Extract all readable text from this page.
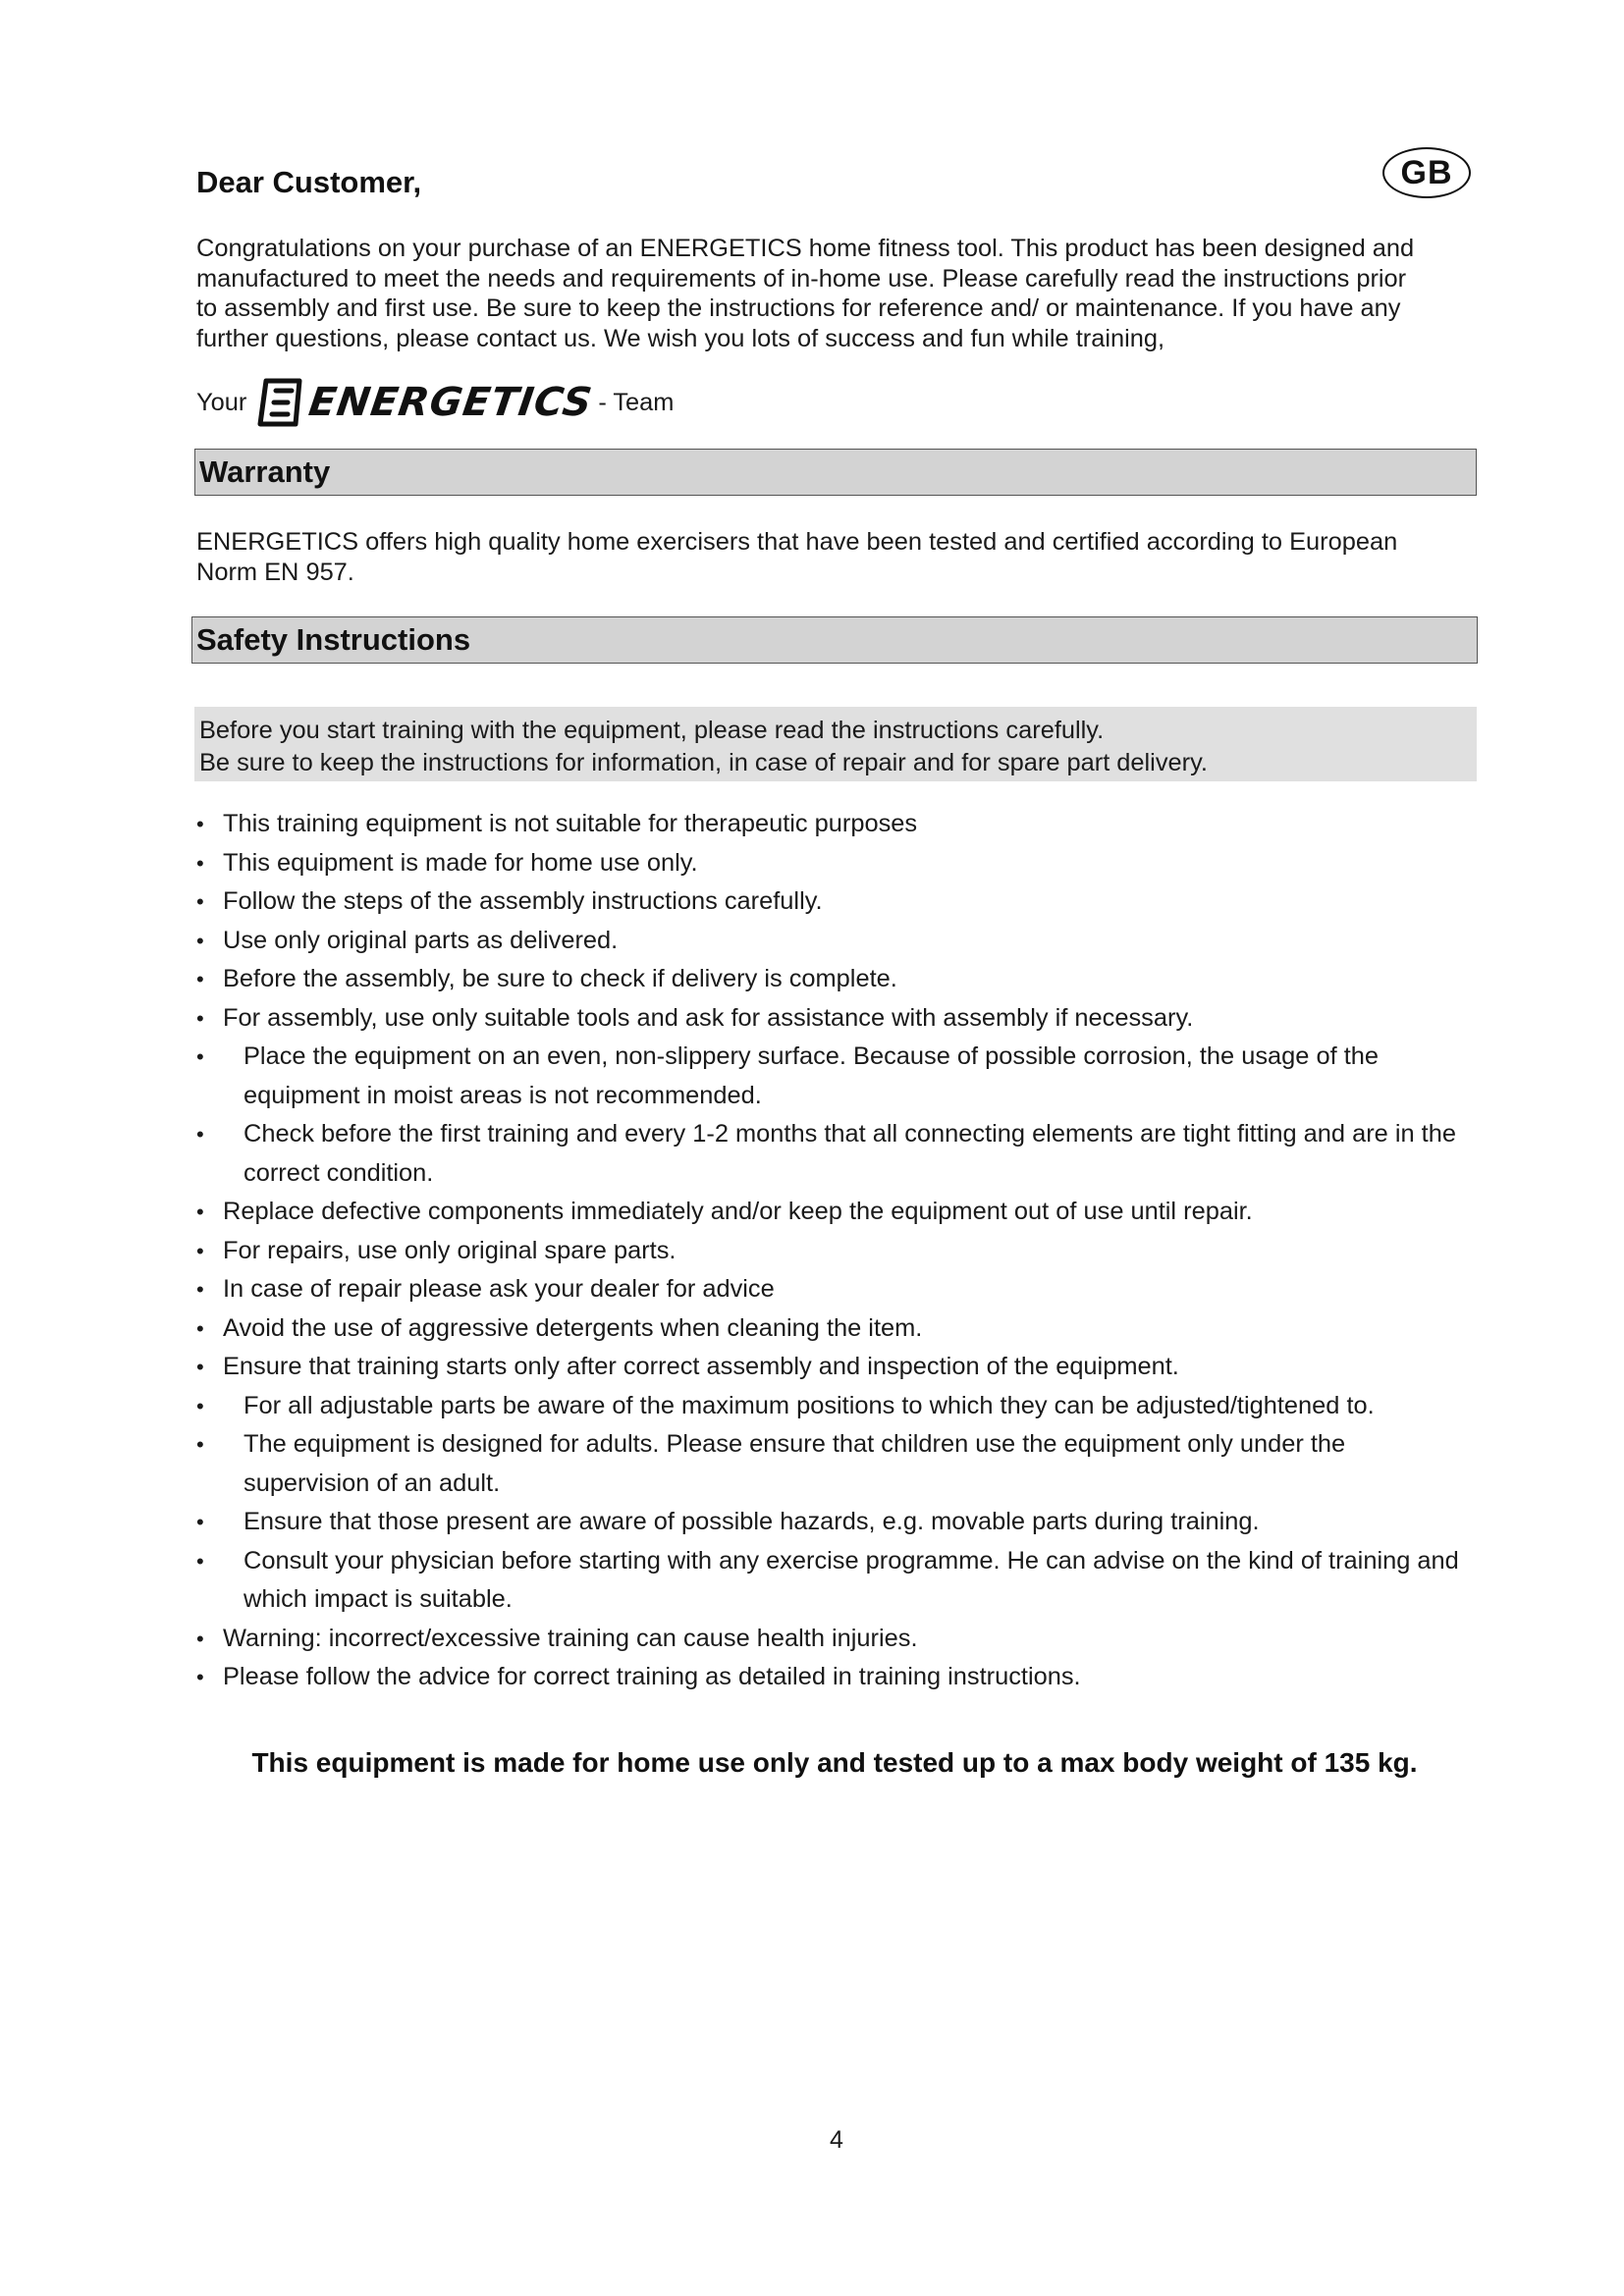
Dear Customer,	GB
Congratulations on your purchase of an ENERGETICS home fitness tool. This product has been designed and
manufactured to meet the needs and requirements of in-home use. Please carefully read the instructions prior
to assembly and first use. Be sure to keep the instructions for reference and/ or maintenance. If you have any
further questions, please contact us. We wish you lots of success and fun while training,
Your ENERGETICS - Team
Warranty
ENERGETICS offers high quality home exercisers that have been tested and certified according to European
Norm EN 957.
Safety Instructions
Before you start training with the equipment, please read the instructions carefully.
Be sure to keep the instructions for information, in case of repair and for spare part delivery.
• This training equipment is not suitable for therapeutic purposes
• This equipment is made for home use only.
• Follow the steps of the assembly instructions carefully.
• Use only original parts as delivered.
• Before the assembly, be sure to check if delivery is complete.
• For assembly, use only suitable tools and ask for assistance with assembly if necessary.
• Place the equipment on an even, non-slippery surface. Because of possible corrosion, the usage of the equipment in moist areas is not recommended.
• Check before the first training and every 1-2 months that all connecting elements are tight fitting and are in the correct condition.
• Replace defective components immediately and/or keep the equipment out of use until repair.
• For repairs, use only original spare parts.
• In case of repair please ask your dealer for advice
• Avoid the use of aggressive detergents when cleaning the item.
• Ensure that training starts only after correct assembly and inspection of the equipment.
• For all adjustable parts be aware of the maximum positions to which they can be adjusted/tightened to.
• The equipment is designed for adults. Please ensure that children use the equipment only under the supervision of an adult.
• Ensure that those present are aware of possible hazards, e.g. movable parts during training.
• Consult your physician before starting with any exercise programme. He can advise on the kind of training and which impact is suitable.
• Warning: incorrect/excessive training can cause health injuries.
• Please follow the advice for correct training as detailed in training instructions.
This equipment is made for home use only and tested up to a max body weight of 135 kg.
4
